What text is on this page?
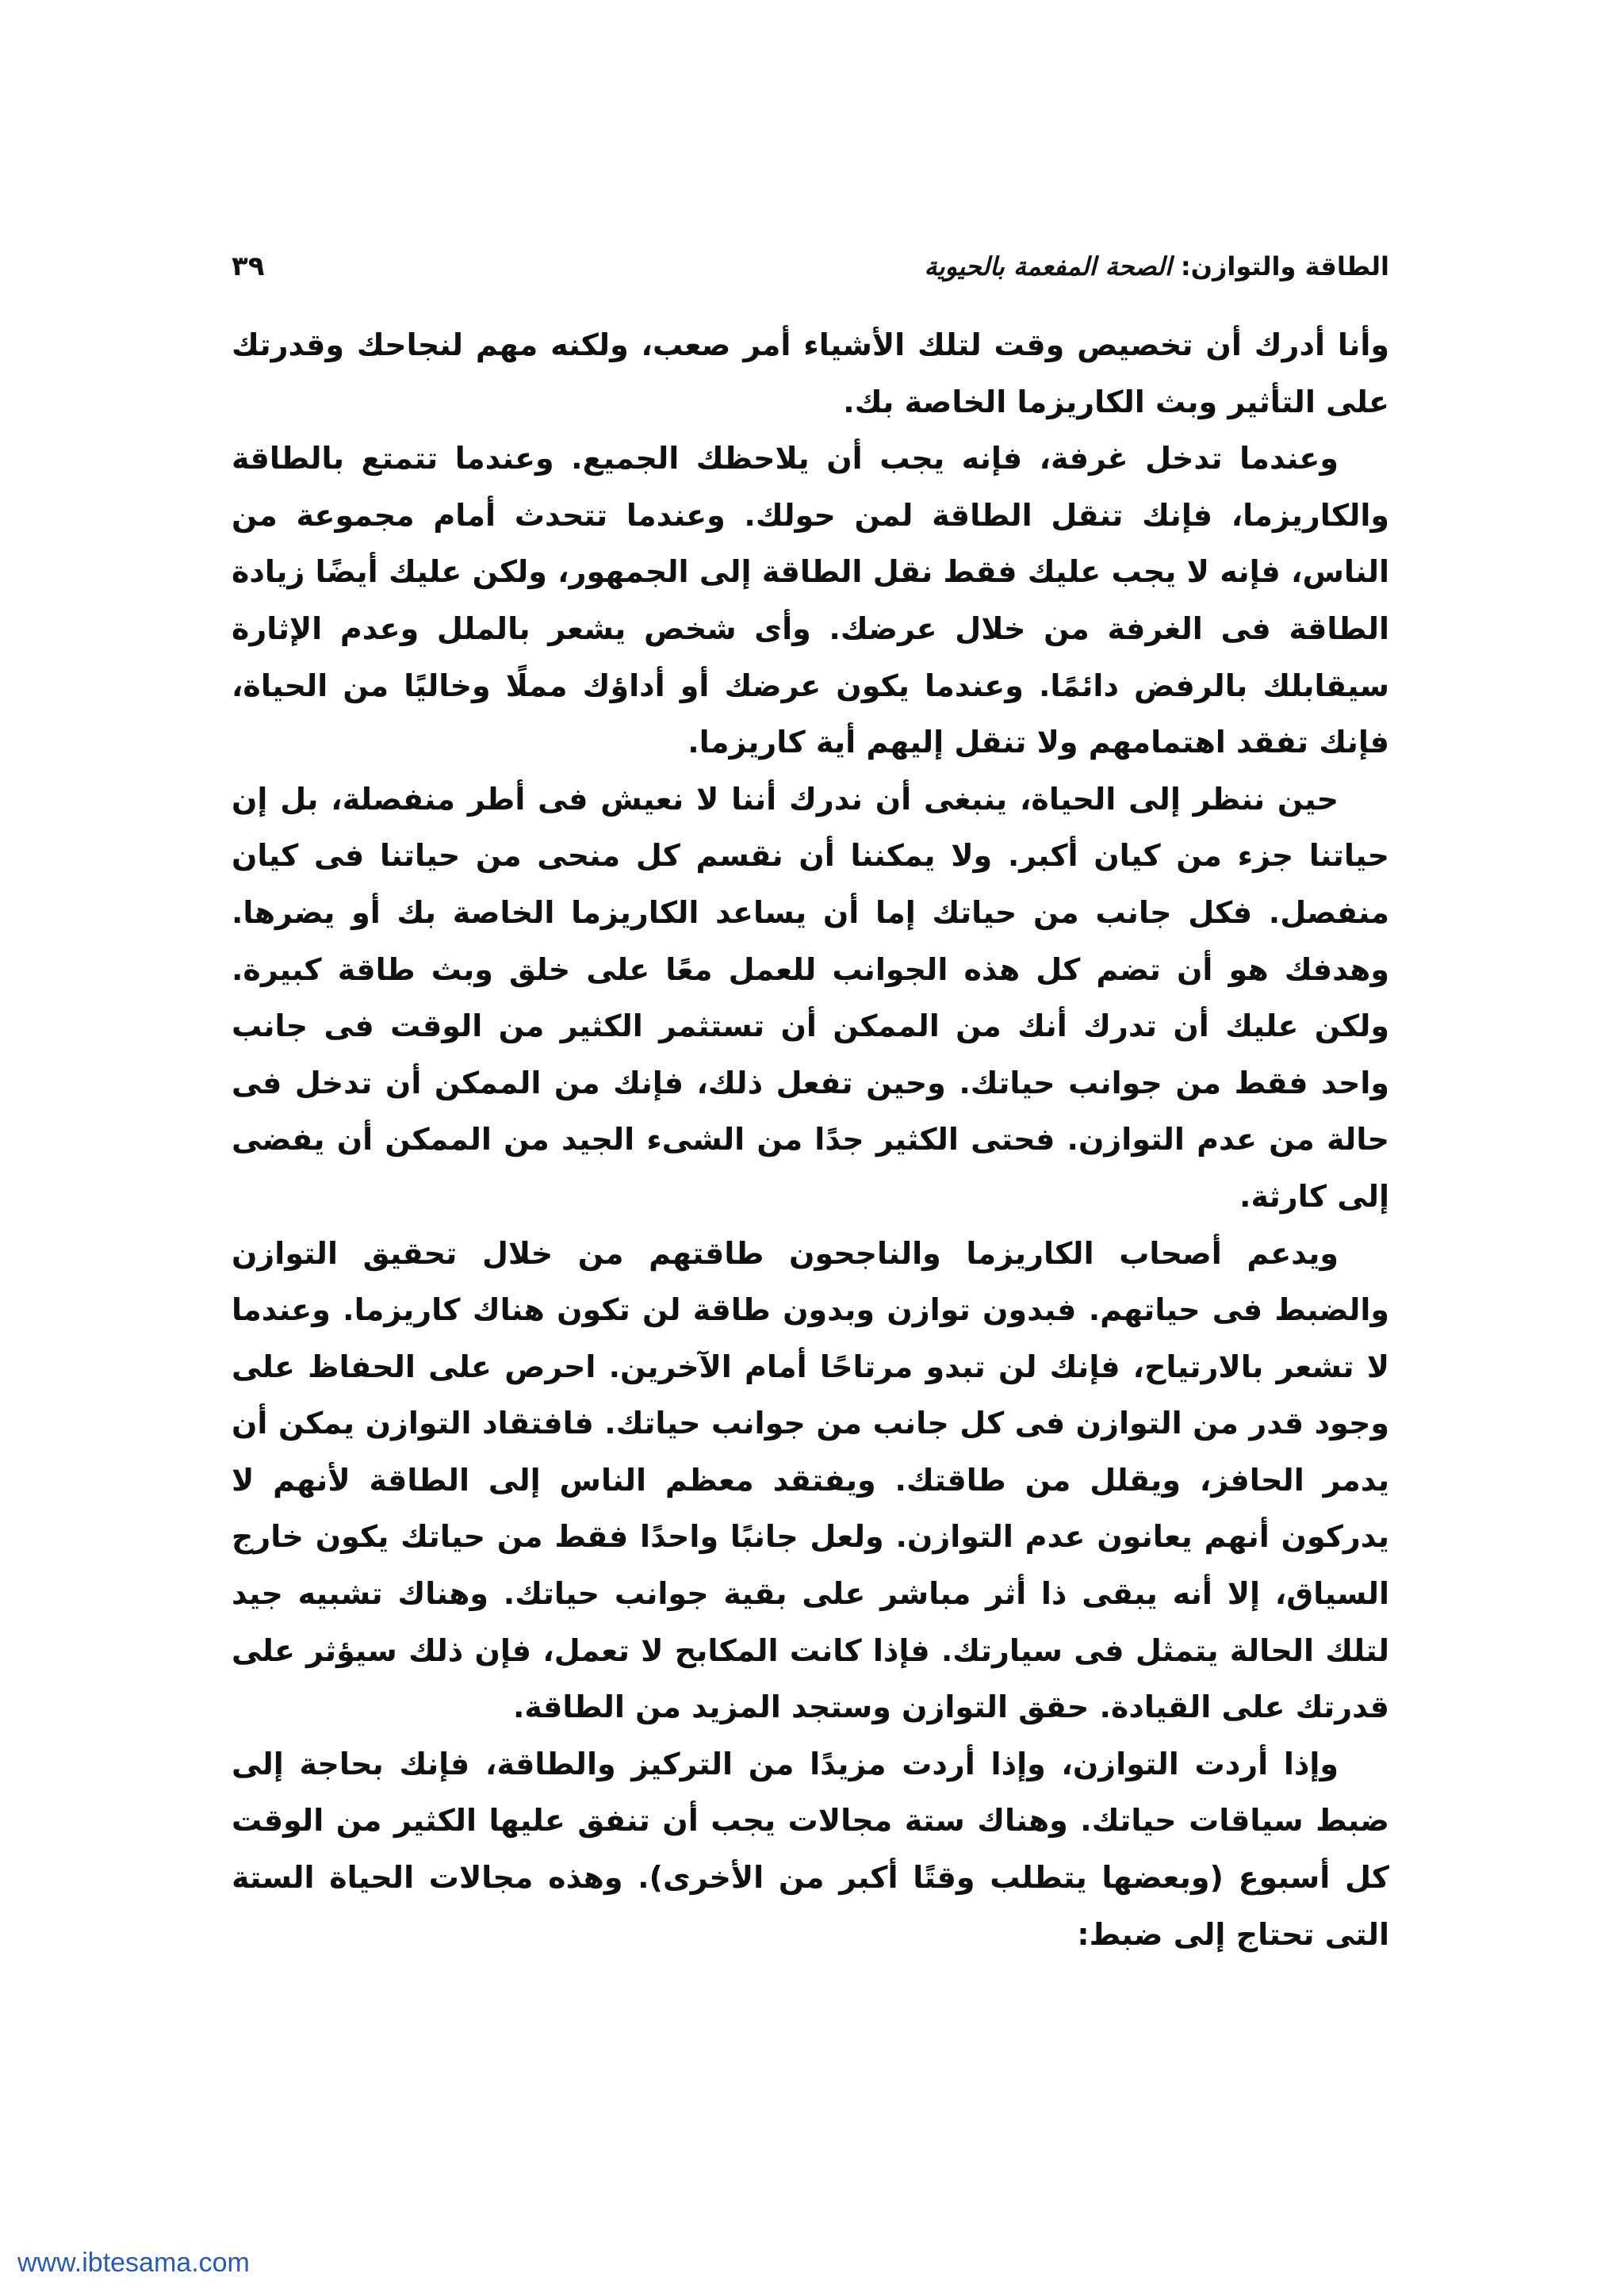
الطاقة والتوازن: الصحة المفعمة بالحيوية
٣٩

وأنا أدرك أن تخصيص وقت لتلك الأشياء أمر صعب، ولكنه مهم لنجاحك وقدرتك على التأثير وبث الكاريزما الخاصة بك.

وعندما تدخل غرفة، فإنه يجب أن يلاحظك الجميع. وعندما تتمتع بالطاقة والكاريزما، فإنك تنقل الطاقة لمن حولك. وعندما تتحدث أمام مجموعة من الناس، فإنه لا يجب عليك فقط نقل الطاقة إلى الجمهور، ولكن عليك أيضًا زيادة الطاقة فى الغرفة من خلال عرضك. وأى شخص يشعر بالملل وعدم الإثارة سيقابلك بالرفض دائمًا. وعندما يكون عرضك أو أداؤك مملًا وخاليًا من الحياة، فإنك تفقد اهتمامهم ولا تنقل إليهم أية كاريزما.

حين ننظر إلى الحياة، ينبغى أن ندرك أننا لا نعيش فى أطر منفصلة، بل إن حياتنا جزء من كيان أكبر. ولا يمكننا أن نقسم كل منحى من حياتنا فى كيان منفصل. فكل جانب من حياتك إما أن يساعد الكاريزما الخاصة بك أو يضرها. وهدفك هو أن تضم كل هذه الجوانب للعمل معًا على خلق وبث طاقة كبيرة. ولكن عليك أن تدرك أنك من الممكن أن تستثمر الكثير من الوقت فى جانب واحد فقط من جوانب حياتك. وحين تفعل ذلك، فإنك من الممكن أن تدخل فى حالة من عدم التوازن. فحتى الكثير جدًا من الشىء الجيد من الممكن أن يفضى إلى كارثة.

ويدعم أصحاب الكاريزما والناجحون طاقتهم من خلال تحقيق التوازن والضبط فى حياتهم. فبدون توازن وبدون طاقة لن تكون هناك كاريزما. وعندما لا تشعر بالارتياح، فإنك لن تبدو مرتاحًا أمام الآخرين. احرص على الحفاظ على وجود قدر من التوازن فى كل جانب من جوانب حياتك. فافتقاد التوازن يمكن أن يدمر الحافز، ويقلل من طاقتك. ويفتقد معظم الناس إلى الطاقة لأنهم لا يدركون أنهم يعانون عدم التوازن. ولعل جانبًا واحدًا فقط من حياتك يكون خارج السياق، إلا أنه يبقى ذا أثر مباشر على بقية جوانب حياتك. وهناك تشبيه جيد لتلك الحالة يتمثل فى سيارتك. فإذا كانت المكابح لا تعمل، فإن ذلك سيؤثر على قدرتك على القيادة. حقق التوازن وستجد المزيد من الطاقة.

وإذا أردت التوازن، وإذا أردت مزيدًا من التركيز والطاقة، فإنك بحاجة إلى ضبط سياقات حياتك. وهناك ستة مجالات يجب أن تنفق عليها الكثير من الوقت كل أسبوع (وبعضها يتطلب وقتًا أكبر من الأخرى). وهذه مجالات الحياة الستة التى تحتاج إلى ضبط:

www.ibtesama.com
